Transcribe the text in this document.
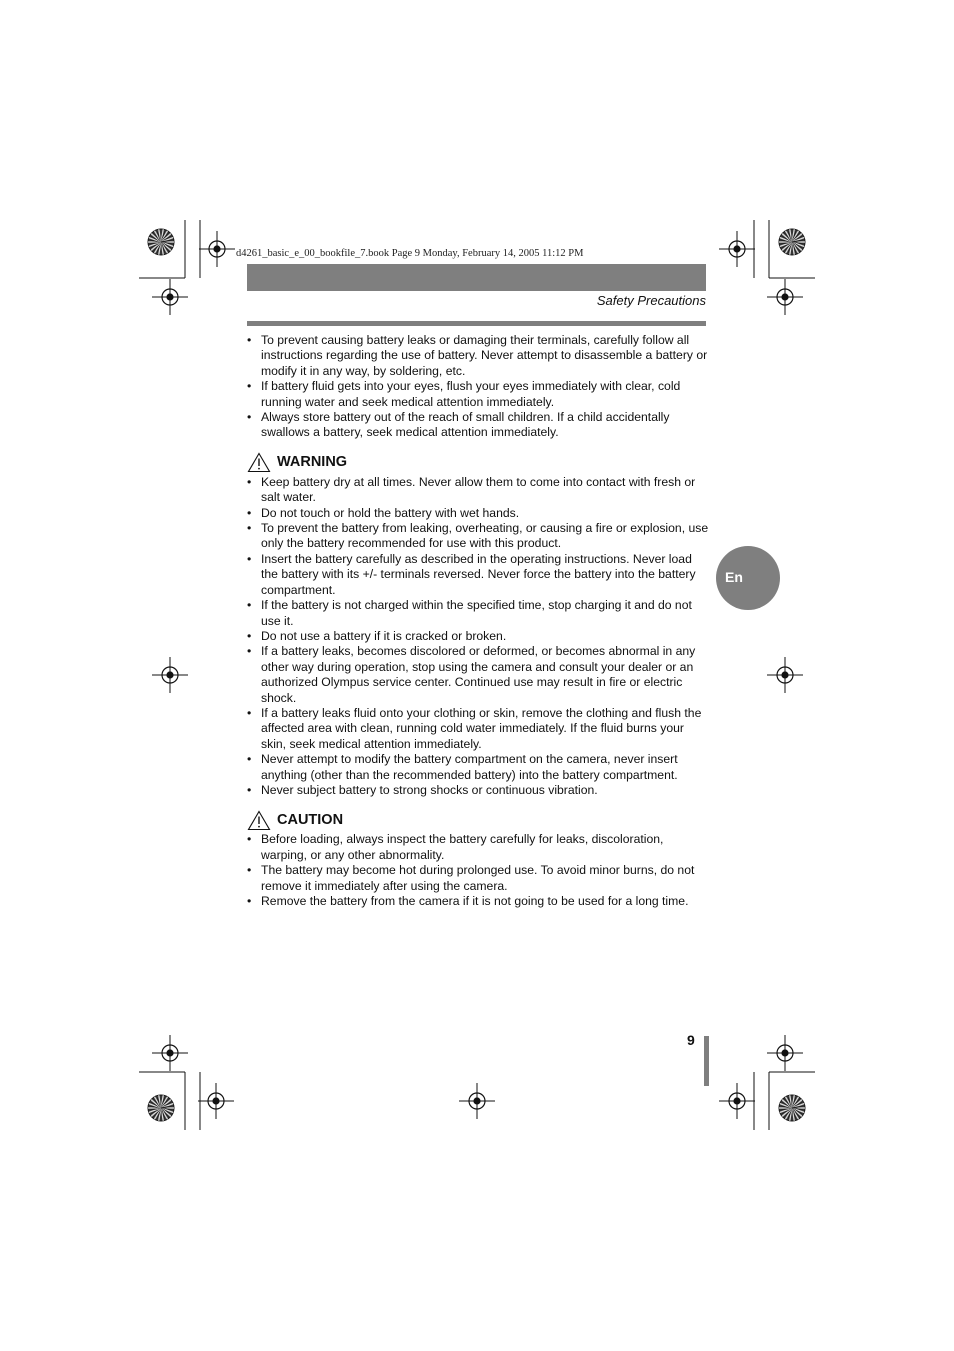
d4261_basic_e_00_bookfile_7.book Page 9 Monday, February 14, 2005 11:12 PM
Safety Precautions
• To prevent causing battery leaks or damaging their terminals, carefully follow all instructions regarding the use of battery. Never attempt to disassemble a battery or modify it in any way, by soldering, etc.
• If battery fluid gets into your eyes, flush your eyes immediately with clear, cold running water and seek medical attention immediately.
• Always store battery out of the reach of small children. If a child accidentally swallows a battery, seek medical attention immediately.
WARNING
• Keep battery dry at all times. Never allow them to come into contact with fresh or salt water.
• Do not touch or hold the battery with wet hands.
• To prevent the battery from leaking, overheating, or causing a fire or explosion, use only the battery recommended for use with this product.
• Insert the battery carefully as described in the operating instructions. Never load the battery with its +/- terminals reversed. Never force the battery into the battery compartment.
• If the battery is not charged within the specified time, stop charging it and do not use it.
• Do not use a battery if it is cracked or broken.
• If a battery leaks, becomes discolored or deformed, or becomes abnormal in any other way during operation, stop using the camera and consult your dealer or an authorized Olympus service center. Continued use may result in fire or electric shock.
• If a battery leaks fluid onto your clothing or skin, remove the clothing and flush the affected area with clean, running cold water immediately. If the fluid burns your skin, seek medical attention immediately.
• Never attempt to modify the battery compartment on the camera, never insert anything (other than the recommended battery) into the battery compartment.
• Never subject battery to strong shocks or continuous vibration.
CAUTION
• Before loading, always inspect the battery carefully for leaks, discoloration, warping, or any other abnormality.
• The battery may become hot during prolonged use. To avoid minor burns, do not remove it immediately after using the camera.
• Remove the battery from the camera if it is not going to be used for a long time.
En
9
